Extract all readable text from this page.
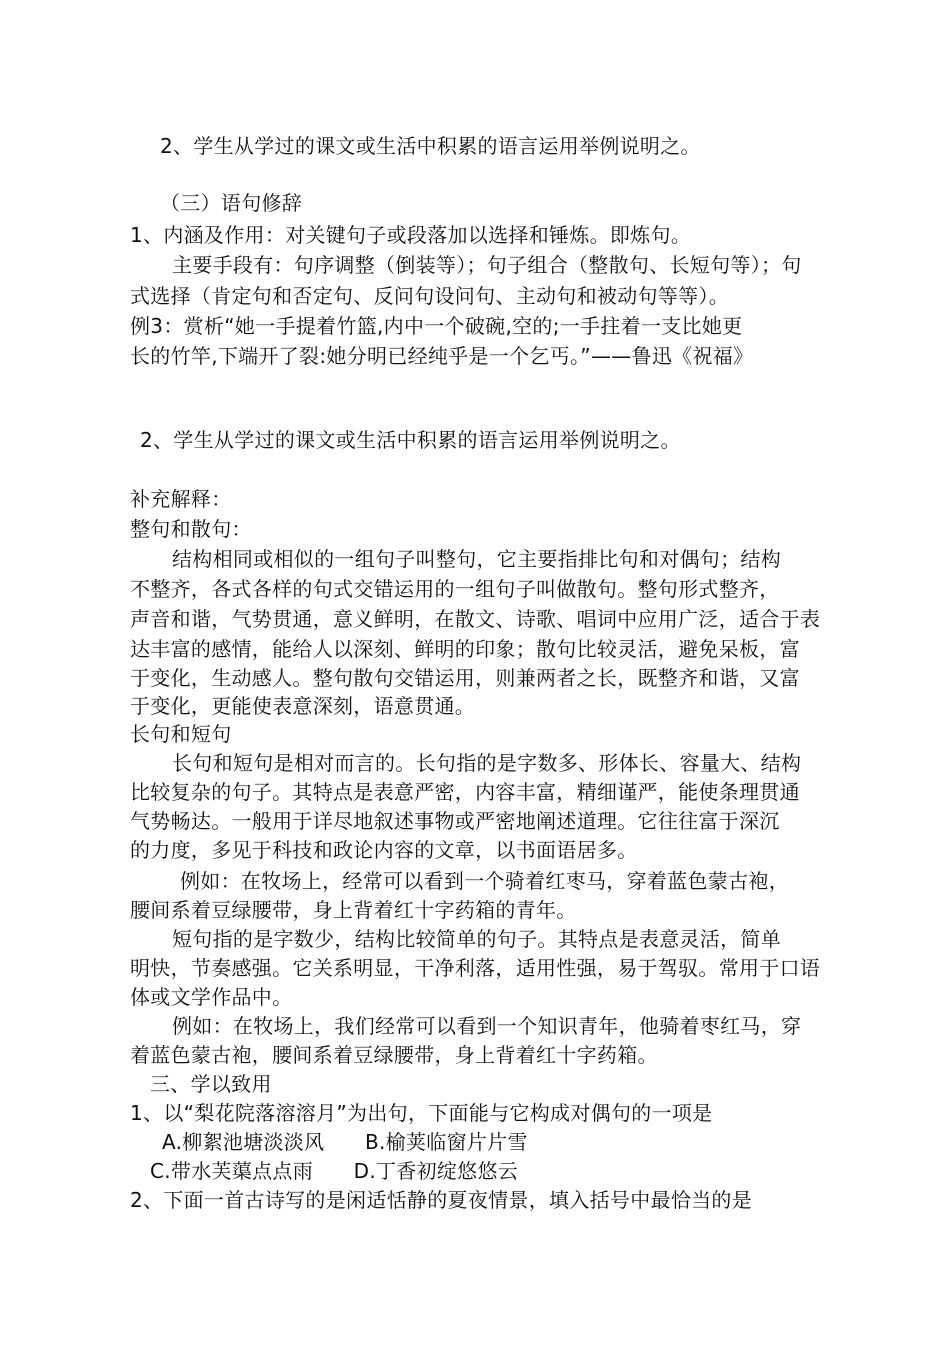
2、学生从学过的课文或生活中积累的语言运用举例说明之。
（三）语句修辞
1、内涵及作用：对关键句子或段落加以选择和锤炼。即炼句。
主要手段有：句序调整（倒装等）；句子组合（整散句、长短句等）；句
式选择（肯定句和否定句、反问句设问句、主动句和被动句等等）。
例3：赏析“她一手提着竹篮,内中一个破碗,空的;一手拄着一支比她更
长的竹竿,下端开了裂:她分明已经纯乎是一个乞丐。”——鲁迅《祝福》
2、学生从学过的课文或生活中积累的语言运用举例说明之。
补充解释：
整句和散句：
结构相同或相似的一组句子叫整句，它主要指排比句和对偶句；结构
不整齐，各式各样的句式交错运用的一组句子叫做散句。整句形式整齐，
声音和谐，气势贯通，意义鲜明，在散文、诗歌、唱词中应用广泛，适合于表
达丰富的感情，能给人以深刻、鲜明的印象；散句比较灵活，避免呆板，富
于变化，生动感人。整句散句交错运用，则兼两者之长，既整齐和谐，又富
于变化，更能使表意深刻，语意贯通。
长句和短句
长句和短句是相对而言的。长句指的是字数多、形体长、容量大、结构
比较复杂的句子。其特点是表意严密，内容丰富，精细谨严，能使条理贯通
气势畅达。一般用于详尽地叙述事物或严密地阐述道理。它往往富于深沉
的力度，多见于科技和政论内容的文章，以书面语居多。
例如：在牧场上，经常可以看到一个骑着红枣马，穿着蓝色蒙古袍，
腰间系着豆绿腰带，身上背着红十字药箱的青年。
短句指的是字数少，结构比较简单的句子。其特点是表意灵活，简单
明快，节奏感强。它关系明显，干净利落，适用性强，易于驾驭。常用于口语
体或文学作品中。
例如：在牧场上，我们经常可以看到一个知识青年，他骑着枣红马，穿
着蓝色蒙古袍，腰间系着豆绿腰带，身上背着红十字药箱。
三、学以致用
1、以“梨花院落溶溶月”为出句，下面能与它构成对偶句的一项是
A.柳絮池塘淡淡风　　B.榆荚临窗片片雪
C.带水芙蕖点点雨　　D.丁香初绽悠悠云
2、下面一首古诗写的是闲适恬静的夏夜情景，填入括号中最恰当的是
